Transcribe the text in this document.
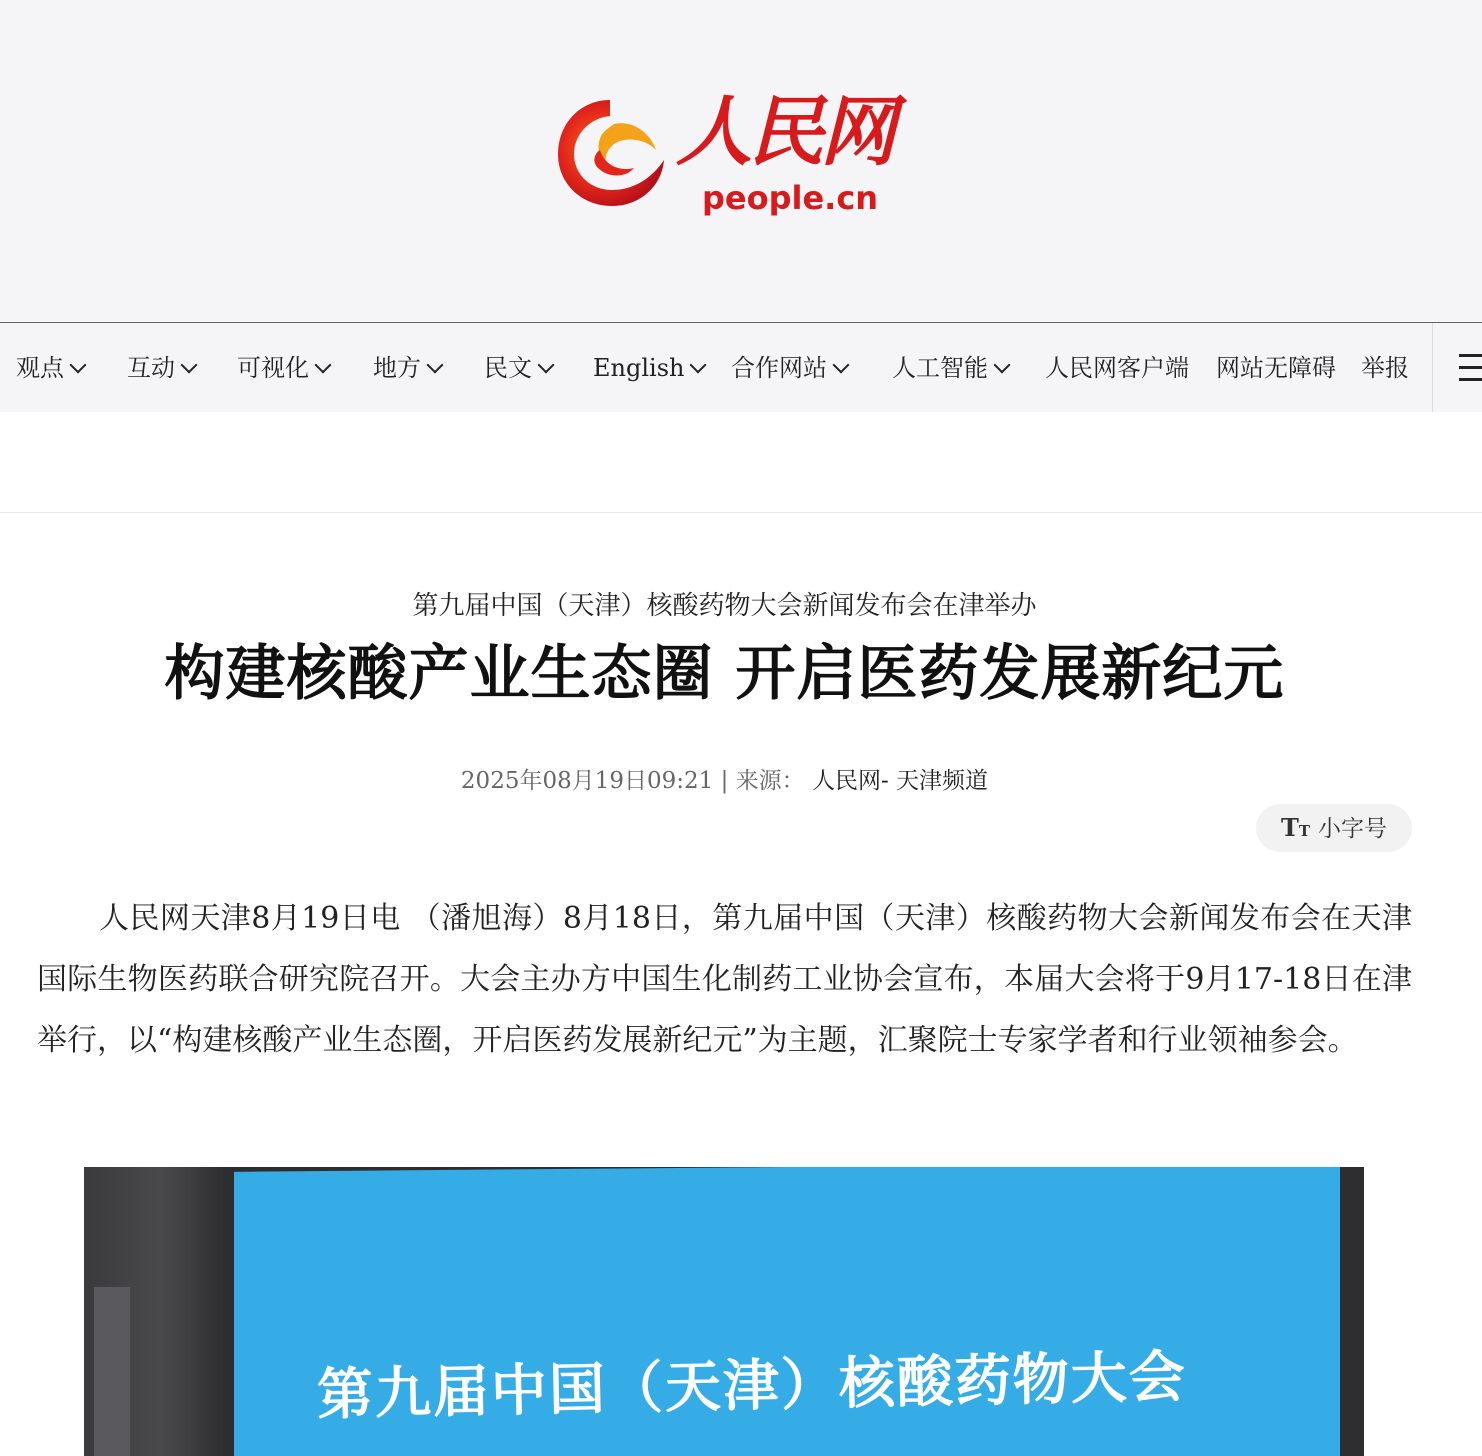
人民网
people.cn
观点	互动	可视化	地方	民文	English	合作网站	人工智能	人民网客户端 网站无障碍 举报
第九届中国（天津）核酸药物大会新闻发布会在津举办
构建核酸产业生态圈 开启医药发展新纪元
2025年08月19日09:21 | 来源： 人民网- 天津频道
TT 小字号

人民网天津8月19日电 （潘旭海）8月18日，第九届中国（天津）核酸药物大会新闻发布会在天津国际生物医药联合研究院召开。大会主办方中国生化制药工业协会宣布，本届大会将于9月17-18日在津举行，以“构建核酸产业生态圈，开启医药发展新纪元”为主题，汇聚院士专家学者和行业领袖参会。

第九届中国（天津）核酸药物大会
